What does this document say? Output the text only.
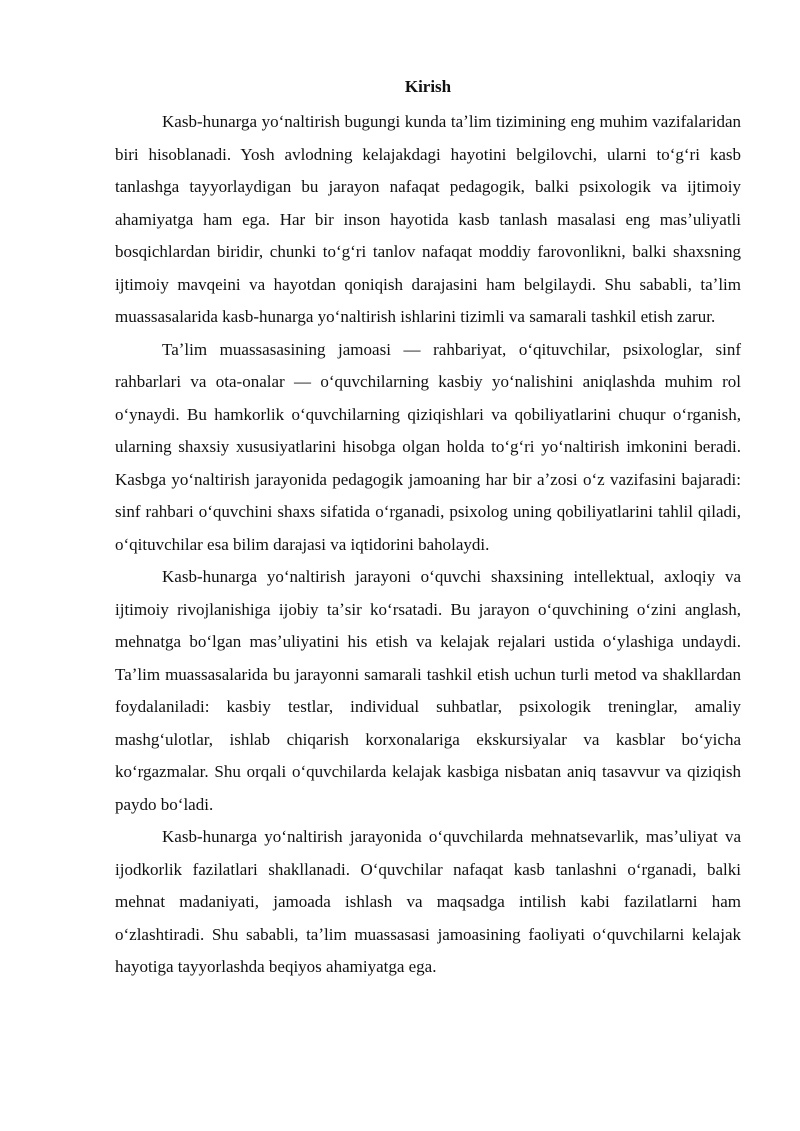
Kirish

Kasb-hunarga yoʻnaltirish bugungi kunda taʼlim tizimining eng muhim vazifalaridan biri hisoblanadi. Yosh avlodning kelajakdagi hayotini belgilovchi, ularni toʻgʻri kasb tanlashga tayyorlaydigan bu jarayon nafaqat pedagogik, balki psixologik va ijtimoiy ahamiyatga ham ega. Har bir inson hayotida kasb tanlash masalasi eng masʼuliyatli bosqichlardan biridir, chunki toʻgʻri tanlov nafaqat moddiy farovonlikni, balki shaxsning ijtimoiy mavqeini va hayotdan qoniqish darajasini ham belgilaydi. Shu sababli, taʼlim muassasalarida kasb-hunarga yoʻnaltirish ishlarini tizimli va samarali tashkil etish zarur.

Taʼlim muassasasining jamoasi — rahbariyat, oʻqituvchilar, psixologlar, sinf rahbarlari va ota-onalar — oʻquvchilarning kasbiy yoʻnalishini aniqlashda muhim rol oʻynaydi. Bu hamkorlik oʻquvchilarning qiziqishlari va qobiliyatlarini chuqur oʻrganish, ularning shaxsiy xususiyatlarini hisobga olgan holda toʻgʻri yoʻnaltirish imkonini beradi. Kasbga yoʻnaltirish jarayonida pedagogik jamoaning har bir aʼzosi oʻz vazifasini bajaradi: sinf rahbari oʻquvchini shaxs sifatida oʻrganadi, psixolog uning qobiliyatlarini tahlil qiladi, oʻqituvchilar esa bilim darajasi va iqtidorini baholaydi.

Kasb-hunarga yoʻnaltirish jarayoni oʻquvchi shaxsining intellektual, axloqiy va ijtimoiy rivojlanishiga ijobiy taʼsir koʻrsatadi. Bu jarayon oʻquvchining oʻzini anglash, mehnatga boʻlgan masʼuliyatini his etish va kelajak rejalari ustida oʻylashiga undaydi. Taʼlim muassasalarida bu jarayonni samarali tashkil etish uchun turli metod va shakllardan foydalaniladi: kasbiy testlar, individual suhbatlar, psixologik treninglar, amaliy mashgʻulotlar, ishlab chiqarish korxonalariga ekskursiyalar va kasblar boʻyicha koʻrgazmalar. Shu orqali oʻquvchilarda kelajak kasbiga nisbatan aniq tasavvur va qiziqish paydo boʻladi.

Kasb-hunarga yoʻnaltirish jarayonida oʻquvchilarda mehnatsevarlik, masʼuliyat va ijodkorlik fazilatlari shakllanadi. Oʻquvchilar nafaqat kasb tanlashni oʻrganadi, balki mehnat madaniyati, jamoada ishlash va maqsadga intilish kabi fazilatlarni ham oʻzlashtiradi. Shu sababli, taʼlim muassasasi jamoasining faoliyati oʻquvchilarni kelajak hayotiga tayyorlashda beqiyos ahamiyatga ega.
